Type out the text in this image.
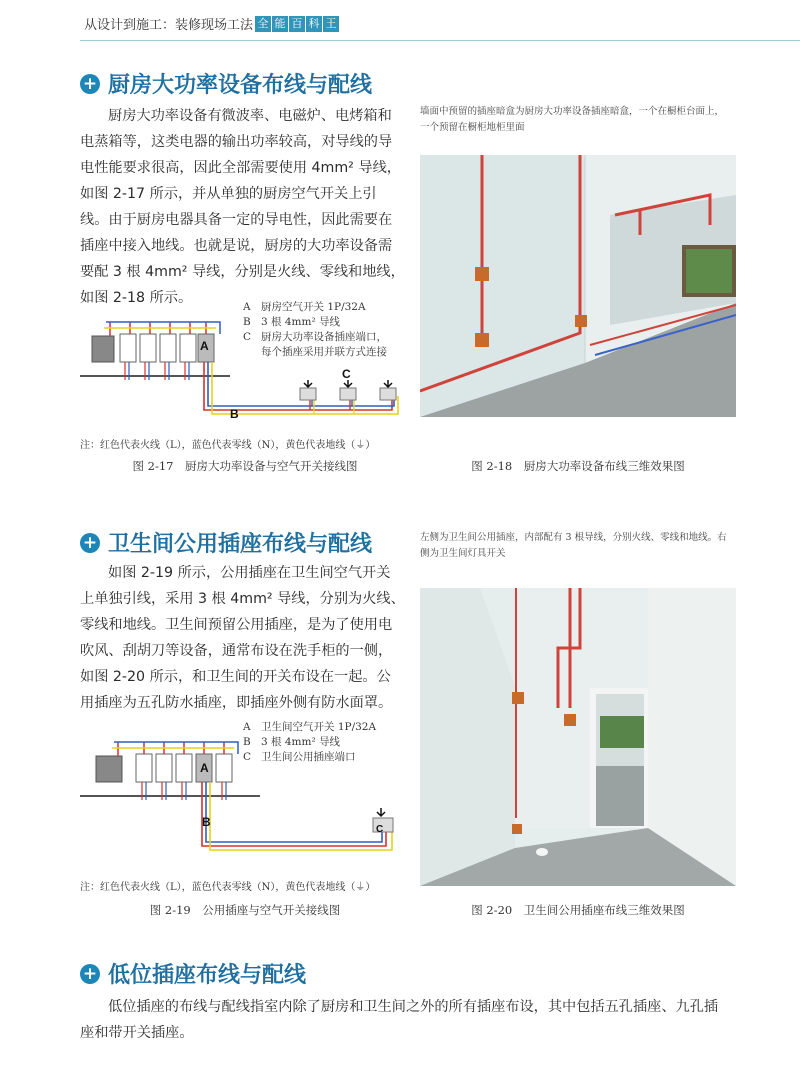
从设计到施工：装修现场工法 全 能 百 科 王
+ 厨房大功率设备布线与配线
厨房大功率设备有微波率、电磁炉、电烤箱和
电蒸箱等，这类电器的输出功率较高，对导线的导
电性能要求很高，因此全部需要使用 4mm² 导线，
如图 2-17 所示，并从单独的厨房空气开关上引
线。由于厨房电器具备一定的导电性，因此需要在
插座中接入地线。也就是说，厨房的大功率设备需
要配 3 根 4mm² 导线，分别是火线、零线和地线，
如图 2-18 所示。
A
B
C
A 厨房空气开关 1P/32A
B 3 根 4mm² 导线
C 厨房大功率设备插座端口，
每个插座采用并联方式连接
注：红色代表火线（L），蓝色代表零线（N），黄色代表地线（⏚）
图 2-17　厨房大功率设备与空气开关接线图
墙面中预留的插座暗盒为厨房大功率设备插座暗盒，一个在橱柜台面上，一个预留在橱柜地柜里面
图 2-18　厨房大功率设备布线三维效果图
+ 卫生间公用插座布线与配线
如图 2-19 所示，公用插座在卫生间空气开关
上单独引线，采用 3 根 4mm² 导线，分别为火线、
零线和地线。卫生间预留公用插座，是为了使用电
吹风、刮胡刀等设备，通常布设在洗手柜的一侧，
如图 2-20 所示，和卫生间的开关布设在一起。公
用插座为五孔防水插座，即插座外侧有防水面罩。
A
B
C
A 卫生间空气开关 1P/32A
B 3 根 4mm² 导线
C 卫生间公用插座端口
注：红色代表火线（L），蓝色代表零线（N），黄色代表地线（⏚）
图 2-19　公用插座与空气开关接线图
左侧为卫生间公用插座，内部配有 3 根导线，分别火线、零线和地线。右侧为卫生间灯具开关
图 2-20　卫生间公用插座布线三维效果图
+ 低位插座布线与配线
低位插座的布线与配线指室内除了厨房和卫生间之外的所有插座布设，其中包括五孔插座、九孔插
座和带开关插座。
